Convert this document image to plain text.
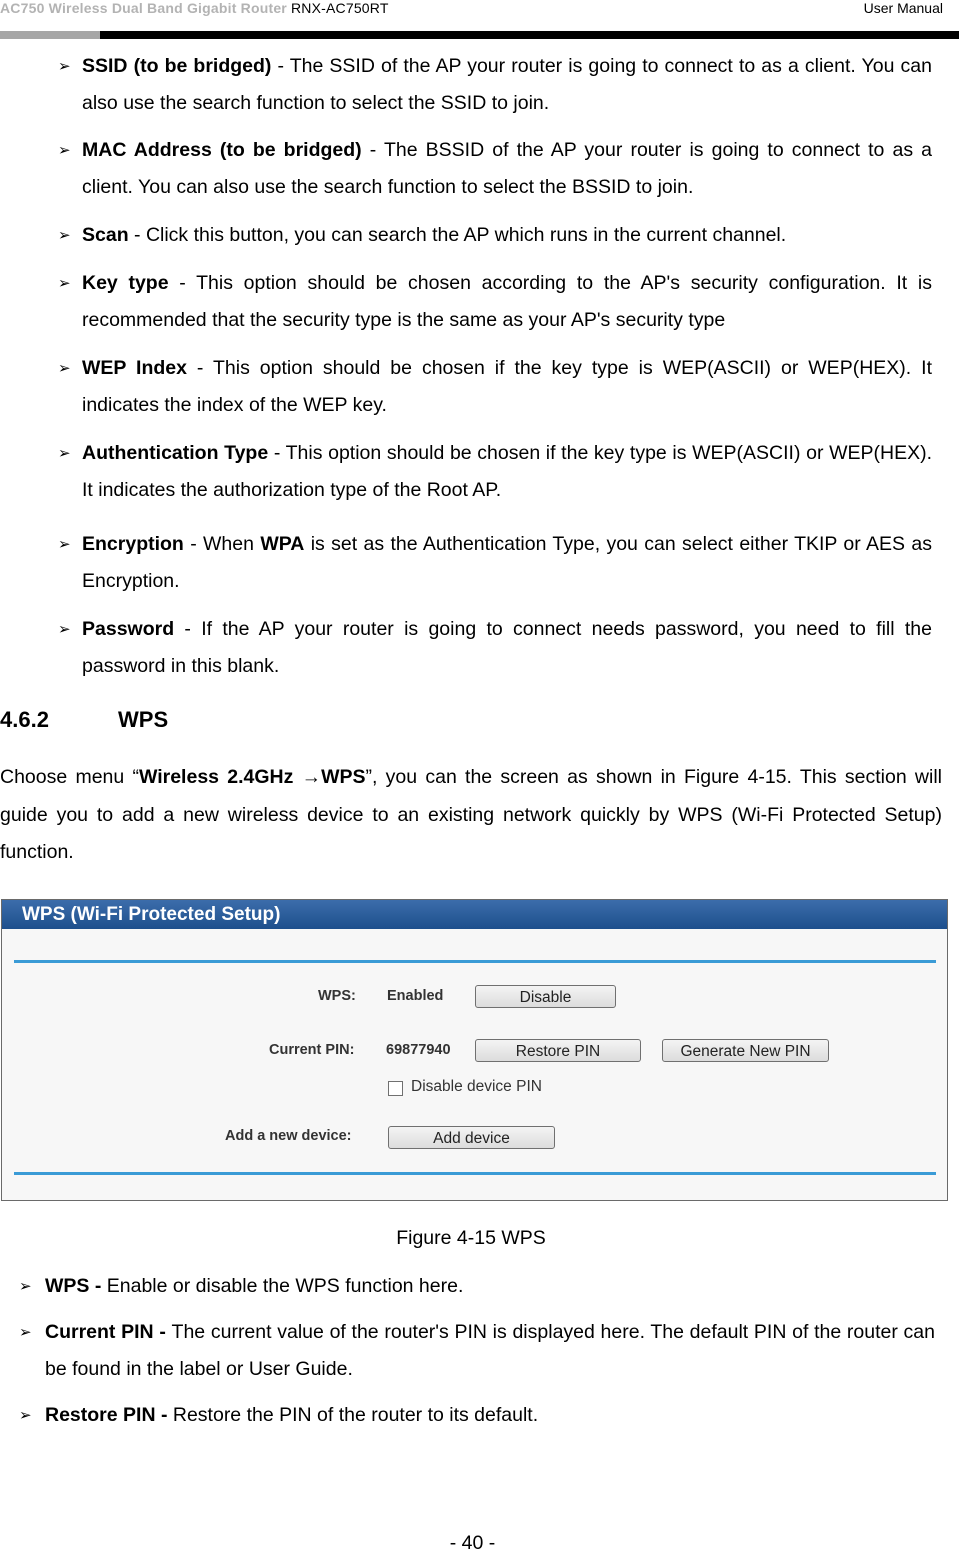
AC750 Wireless Dual Band Gigabit Router RNX-AC750RT	User Manual
➢ SSID (to be bridged) - The SSID of the AP your router is going to connect to as a client. You can also use the search function to select the SSID to join.
➢ MAC Address (to be bridged) - The BSSID of the AP your router is going to connect to as a client. You can also use the search function to select the BSSID to join.
➢ Scan - Click this button, you can search the AP which runs in the current channel.
➢ Key type - This option should be chosen according to the AP's security configuration. It is recommended that the security type is the same as your AP's security type
➢ WEP Index - This option should be chosen if the key type is WEP(ASCII) or WEP(HEX). It indicates the index of the WEP key.
➢ Authentication Type - This option should be chosen if the key type is WEP(ASCII) or WEP(HEX). It indicates the authorization type of the Root AP.
➢ Encryption - When WPA is set as the Authentication Type, you can select either TKIP or AES as Encryption.
➢ Password - If the AP your router is going to connect needs password, you need to fill the password in this blank.
4.6.2	WPS
Choose menu “Wireless 2.4GHz →WPS”, you can the screen as shown in Figure 4-15. This section will guide you to add a new wireless device to an existing network quickly by WPS (Wi-Fi Protected Setup) function.
WPS (Wi-Fi Protected Setup)
WPS: Enabled	Disable
Current PIN: 69877940	Restore PIN	Generate New PIN
Disable device PIN
Add a new device:	Add device
Figure 4-15 WPS
➢ WPS - Enable or disable the WPS function here.
➢ Current PIN - The current value of the router's PIN is displayed here. The default PIN of the router can be found in the label or User Guide.
➢ Restore PIN - Restore the PIN of the router to its default.
- 40 -
